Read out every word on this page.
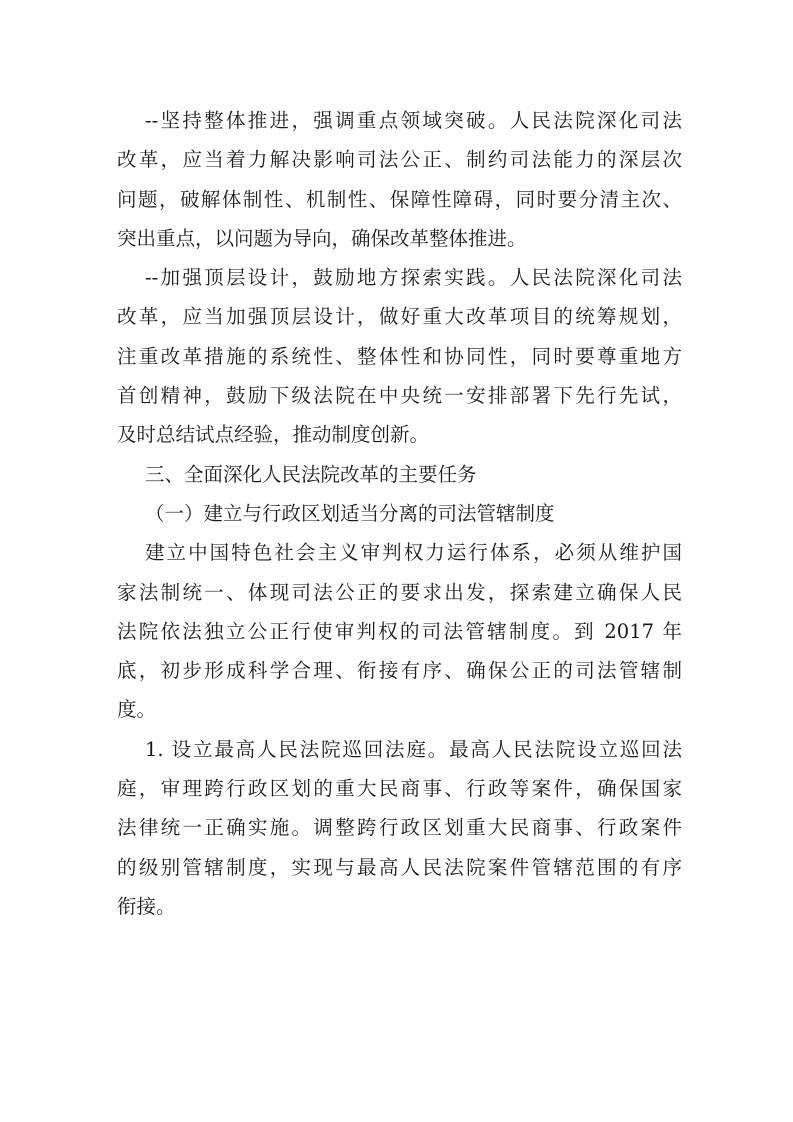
--坚持整体推进，强调重点领域突破。人民法院深化司法
改革，应当着力解决影响司法公正、制约司法能力的深层次
问题，破解体制性、机制性、保障性障碍，同时要分清主次、
突出重点，以问题为导向，确保改革整体推进。
--加强顶层设计，鼓励地方探索实践。人民法院深化司法
改革，应当加强顶层设计，做好重大改革项目的统筹规划，
注重改革措施的系统性、整体性和协同性，同时要尊重地方
首创精神，鼓励下级法院在中央统一安排部署下先行先试，
及时总结试点经验，推动制度创新。
三、全面深化人民法院改革的主要任务
（一）建立与行政区划适当分离的司法管辖制度
建立中国特色社会主义审判权力运行体系，必须从维护国
家法制统一、体现司法公正的要求出发，探索建立确保人民
法院依法独立公正行使审判权的司法管辖制度。到 2017 年
底，初步形成科学合理、衔接有序、确保公正的司法管辖制
度。
1. 设立最高人民法院巡回法庭。最高人民法院设立巡回法
庭，审理跨行政区划的重大民商事、行政等案件，确保国家
法律统一正确实施。调整跨行政区划重大民商事、行政案件
的级别管辖制度，实现与最高人民法院案件管辖范围的有序
衔接。
